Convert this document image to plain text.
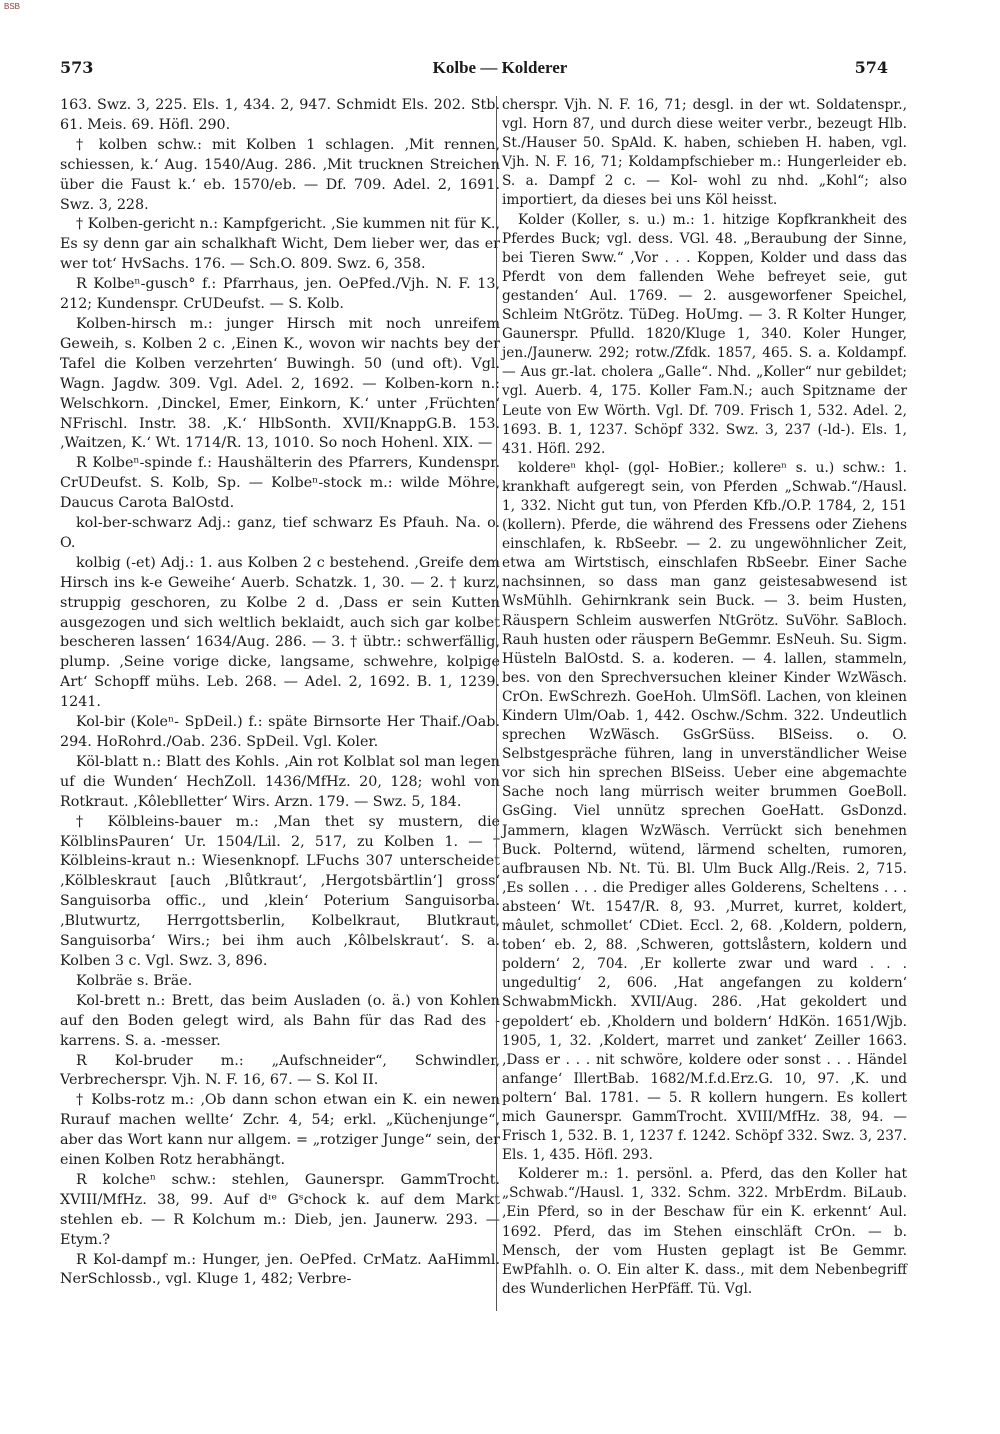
BSB
573	Kolbe — Kolderer	574

163. Swz. 3, 225. Els. 1, 434. 2, 947. Schmidt Els. 202. Stb. 61. Meis. 69. Höfl. 290.

† kolben schw.: mit Kolben 1 schlagen. ‚Mit rennen, schiessen, k.‘ Aug. 1540/Aug. 286. ‚Mit trucknen Streichen über die Faust k.‘ eb. 1570/eb. — Df. 709. Adel. 2, 1691. Swz. 3, 228.

† Kolben-gericht n.: Kampfgericht. ‚Sie kummen nit für K., Es sy denn gar ain schalkhaft Wicht, Dem lieber wer, das er wer tot‘ HvSachs. 176. — Sch.O. 809. Swz. 6, 358.

R Kolbeⁿ-gusch° f.: Pfarrhaus, jen. OePfed./Vjh. N. F. 13, 212; Kundenspr. CrUDeufst. — S. Kolb.

Kolben-hirsch m.: junger Hirsch mit noch unreifem Geweih, s. Kolben 2 c. ‚Einen K., wovon wir nachts bey der Tafel die Kolben verzehrten‘ Buwingh. 50 (und oft). Vgl. Wagn. Jagdw. 309. Vgl. Adel. 2, 1692. — Kolben-korn n.: Welschkorn. ‚Dinckel, Emer, Einkorn, K.‘ unter ‚Früchten‘ NFrischl. Instr. 38. ‚K.‘ HlbSonth. XVII/KnappG.B. 153. ‚Waitzen, K.‘ Wt. 1714/R. 13, 1010. So noch Hohenl. XIX. —

R Kolbeⁿ-spinde f.: Haushälterin des Pfarrers, Kundenspr. CrUDeufst. S. Kolb, Sp. — Kolbeⁿ-stock m.: wilde Möhre, Daucus Carota BalOstd.

kol-ber-schwarz Adj.: ganz, tief schwarz Es Pfauh. Na. o. O.

kolbig (-et) Adj.: 1. aus Kolben 2 c bestehend. ‚Greife dem Hirsch ins k-e Geweihe‘ Auerb. Schatzk. 1, 30. — 2. † kurz, struppig geschoren, zu Kolbe 2 d. ‚Dass er sein Kutten ausgezogen und sich weltlich beklaidt, auch sich gar kolbet bescheren lassen‘ 1634/Aug. 286. — 3. † übtr.: schwerfällig, plump. ‚Seine vorige dicke, langsame, schwehre, kolpige Art‘ Schopff mühs. Leb. 268. — Adel. 2, 1692. B. 1, 1239. 1241.

Kol-bir (Koleⁿ- SpDeil.) f.: späte Birnsorte Her Thaif./Oab. 294. HoRohrd./Oab. 236. SpDeil. Vgl. Koler.

Köl-blatt n.: Blatt des Kohls. ‚Ain rot Kolblat sol man legen uf die Wunden‘ HechZoll. 1436/MfHz. 20, 128; wohl von Rotkraut. ‚Kôleblletter‘ Wirs. Arzn. 179. — Swz. 5, 184.

† Kölbleins-bauer m.: ‚Man thet sy mustern, die KölblinsPauren‘ Ur. 1504/Lil. 2, 517, zu Kolben 1. — † Kölbleins-kraut n.: Wiesenknopf. LFuchs 307 unterscheidet ‚Kölbleskraut [auch ‚Blůtkraut‘, ‚Hergotsbärtlin‘] gross‘ Sanguisorba offic., und ‚klein‘ Poterium Sanguisorba. ‚Blutwurtz, Herrgottsberlin, Kolbelkraut, Blutkraut, Sanguisorba‘ Wirs.; bei ihm auch ‚Kôlbelskraut‘. S. a. Kolben 3 c. Vgl. Swz. 3, 896.

Kolbräe s. Bräe.

Kol-brett n.: Brett, das beim Ausladen (o. ä.) von Kohlen auf den Boden gelegt wird, als Bahn für das Rad des -karrens. S. a. -messer.

R Kol-bruder m.: „Aufschneider“, Schwindler, Verbrecherspr. Vjh. N. F. 16, 67. — S. Kol II.

† Kolbs-rotz m.: ‚Ob dann schon etwan ein K. ein newen Rurauf machen wellte‘ Zchr. 4, 54; erkl. „Küchenjunge“, aber das Wort kann nur allgem. = „rotziger Junge“ sein, der einen Kolben Rotz herabhängt.

R kolcheⁿ schw.: stehlen, Gaunerspr. GammTrocht. XVIII/MfHz. 38, 99. Auf dᶦᵉ Gˢchock k. auf dem Markt stehlen eb. — R Kolchum m.: Dieb, jen. Jaunerw. 293. — Etym.?

R Kol-dampf m.: Hunger, jen. OePfed. CrMatz. AaHimml. NerSchlossb., vgl. Kluge 1, 482; Verbre-

cherspr. Vjh. N. F. 16, 71; desgl. in der wt. Soldatenspr., vgl. Horn 87, und durch diese weiter verbr., bezeugt Hlb. St./Hauser 50. SpAld. K. haben, schieben H. haben, vgl. Vjh. N. F. 16, 71; Koldampfschieber m.: Hungerleider eb. S. a. Dampf 2 c. — Kol- wohl zu nhd. „Kohl“; also importiert, da dieses bei uns Köl heisst.

Kolder (Koller, s. u.) m.: 1. hitzige Kopfkrankheit des Pferdes Buck; vgl. dess. VGl. 48. „Beraubung der Sinne, bei Tieren Sww.“ ‚Vor . . . Koppen, Kolder und dass das Pferdt von dem fallenden Wehe befreyet seie, gut gestanden‘ Aul. 1769. — 2. ausgeworfener Speichel, Schleim NtGrötz. TüDeg. HoUmg. — 3. R Kolter Hunger, Gaunerspr. Pfulld. 1820/Kluge 1, 340. Koler Hunger, jen./Jaunerw. 292; rotw./Zfdk. 1857, 465. S. a. Koldampf. — Aus gr.-lat. cholera „Galle“. Nhd. „Koller“ nur gebildet; vgl. Auerb. 4, 175. Koller Fam.N.; auch Spitzname der Leute von Ew Wörth. Vgl. Df. 709. Frisch 1, 532. Adel. 2, 1693. B. 1, 1237. Schöpf 332. Swz. 3, 237 (-ld-). Els. 1, 431. Höfl. 292.

koldereⁿ khǫl- (gǫl- HoBier.; kollereⁿ s. u.) schw.: 1. krankhaft aufgeregt sein, von Pferden „Schwab.“/Hausl. 1, 332. Nicht gut tun, von Pferden Kfb./O.P. 1784, 2, 151 (kollern). Pferde, die während des Fressens oder Ziehens einschlafen, k. RbSeebr. — 2. zu ungewöhnlicher Zeit, etwa am Wirtstisch, einschlafen RbSeebr. Einer Sache nachsinnen, so dass man ganz geistesabwesend ist WsMühlh. Gehirnkrank sein Buck. — 3. beim Husten, Räuspern Schleim auswerfen NtGrötz. SuVöhr. SaBloch. Rauh husten oder räuspern BeGemmr. EsNeuh. Su. Sigm. Hüsteln BalOstd. S. a. koderen. — 4. lallen, stammeln, bes. von den Sprechversuchen kleiner Kinder WzWäsch. CrOn. EwSchrezh. GoeHoh. UlmSöfl. Lachen, von kleinen Kindern Ulm/Oab. 1, 442. Oschw./Schm. 322. Undeutlich sprechen WzWäsch. GsGrSüss. BlSeiss. o. O. Selbstgespräche führen, lang in unverständlicher Weise vor sich hin sprechen BlSeiss. Ueber eine abgemachte Sache noch lang mürrisch weiter brummen GoeBoll. GsGing. Viel unnütz sprechen GoeHatt. GsDonzd. Jammern, klagen WzWäsch. Verrückt sich benehmen Buck. Polternd, wütend, lärmend schelten, rumoren, aufbrausen Nb. Nt. Tü. Bl. Ulm Buck Allg./Reis. 2, 715. ‚Es sollen . . . die Prediger alles Golderens, Scheltens . . . absteen‘ Wt. 1547/R. 8, 93. ‚Murret, kurret, koldert, mâulet, schmollet‘ CDiet. Eccl. 2, 68. ‚Koldern, poldern, toben‘ eb. 2, 88. ‚Schweren, gottslåstern, koldern und poldern‘ 2, 704. ‚Er kollerte zwar und ward . . . ungedultig‘ 2, 606. ‚Hat angefangen zu koldern‘ SchwabmMickh. XVII/Aug. 286. ‚Hat gekoldert und gepoldert‘ eb. ‚Kholdern und boldern‘ HdKön. 1651/Wjb. 1905, 1, 32. ‚Koldert, marret und zanket‘ Zeiller 1663. ‚Dass er . . . nit schwöre, koldere oder sonst . . . Händel anfange‘ IllertBab. 1682/M.f.d.Erz.G. 10, 97. ‚K. und poltern‘ Bal. 1781. — 5. R kollern hungern. Es kollert mich Gaunerspr. GammTrocht. XVIII/MfHz. 38, 94. — Frisch 1, 532. B. 1, 1237 f. 1242. Schöpf 332. Swz. 3, 237. Els. 1, 435. Höfl. 293.

Kolderer m.: 1. persönl. a. Pferd, das den Koller hat „Schwab.“/Hausl. 1, 332. Schm. 322. MrbErdm. BiLaub. ‚Ein Pferd, so in der Beschaw für ein K. erkennt‘ Aul. 1692. Pferd, das im Stehen einschläft CrOn. — b. Mensch, der vom Husten geplagt ist Be Gemmr. EwPfahlh. o. O. Ein alter K. dass., mit dem Nebenbegriff des Wunderlichen HerPfäff. Tü. Vgl.
